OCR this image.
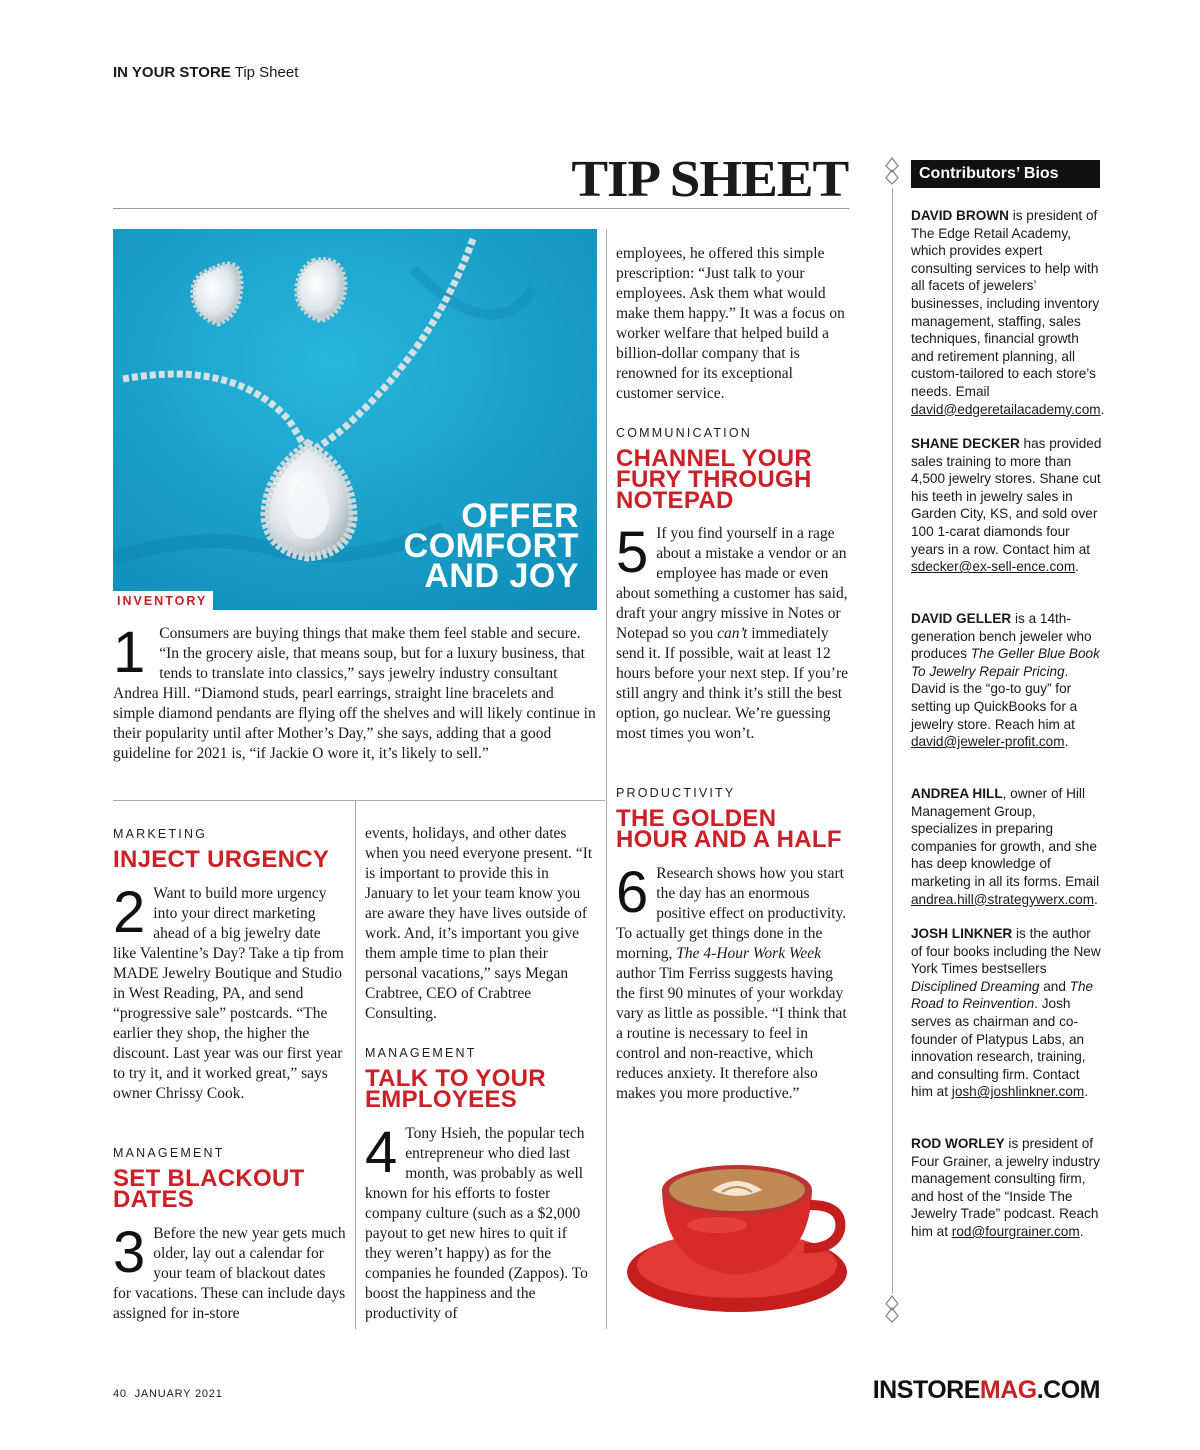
IN YOUR STORE Tip Sheet
TIP SHEET
OFFER
COMFORT
AND JOY
INVENTORY
1 Consumers are buying things that make them feel stable and secure. “In the grocery aisle, that means soup, but for a luxury business, that tends to translate into classics,” says jewelry industry consultant Andrea Hill. “Diamond studs, pearl earrings, straight line bracelets and simple diamond pendants are flying off the shelves and will likely continue in their popularity until after Mother’s Day,” she says, adding that a good guideline for 2021 is, “if Jackie O wore it, it’s likely to sell.”

MARKETING
INJECT URGENCY
2 Want to build more urgency into your direct marketing ahead of a big jewelry date like Valentine’s Day? Take a tip from MADE Jewelry Boutique and Studio in West Reading, PA, and send “progressive sale” postcards. “The earlier they shop, the higher the discount. Last year was our first year to try it, and it worked great,” says owner Chrissy Cook.

MANAGEMENT
SET BLACKOUT DATES
3 Before the new year gets much older, lay out a calendar for your team of blackout dates for vacations. These can include days assigned for in-store

events, holidays, and other dates when you need everyone present. “It is important to provide this in January to let your team know you are aware they have lives outside of work. And, it’s important you give them ample time to plan their personal vacations,” says Megan Crabtree, CEO of Crabtree Consulting.
MANAGEMENT
TALK TO YOUR EMPLOYEES
4 Tony Hsieh, the popular tech entrepreneur who died last month, was probably as well known for his efforts to foster company culture (such as a $2,000 payout to get new hires to quit if they weren’t happy) as for the companies he founded (Zappos). To boost the happiness and the productivity of

employees, he offered this simple prescription: “Just talk to your employees. Ask them what would make them happy.” It was a focus on worker welfare that helped build a billion-dollar company that is renowned for its exceptional customer service.
COMMUNICATION
CHANNEL YOUR FURY THROUGH NOTEPAD
5 If you find yourself in a rage about a mistake a vendor or an employee has made or even about something a customer has said, draft your angry missive in Notes or Notepad so you can’t immediately send it. If possible, wait at least 12 hours before your next step. If you’re still angry and think it’s still the best option, go nuclear. We’re guessing most times you won’t.

PRODUCTIVITY
THE GOLDEN HOUR AND A HALF
6 Research shows how you start the day has an enormous positive effect on productivity. To actually get things done in the morning, The 4-Hour Work Week author Tim Ferriss suggests having the first 90 minutes of your workday vary as little as possible. “I think that a routine is necessary to feel in control and non-reactive, which reduces anxiety. It therefore also makes you more productive.”

Contributors’ Bios

DAVID BROWN is president of The Edge Retail Academy, which provides expert consulting services to help with all facets of jewelers’ businesses, including inventory management, staffing, sales techniques, financial growth and retirement planning, all custom-tailored to each store’s needs. Email david@edgeretailacademy.com.

SHANE DECKER has provided sales training to more than 4,500 jewelry stores. Shane cut his teeth in jewelry sales in Garden City, KS, and sold over 100 1-carat diamonds four years in a row. Contact him at sdecker@ex-sell-ence.com.

DAVID GELLER is a 14th-generation bench jeweler who produces The Geller Blue Book To Jewelry Repair Pricing. David is the “go-to guy” for setting up QuickBooks for a jewelry store. Reach him at david@jeweler-profit.com.

ANDREA HILL, owner of Hill Management Group, specializes in preparing companies for growth, and she has deep knowledge of marketing in all its forms. Email andrea.hill@strategywerx.com.

JOSH LINKNER is the author of four books including the New York Times bestsellers Disciplined Dreaming and The Road to Reinvention. Josh serves as chairman and co-founder of Platypus Labs, an innovation research, training, and consulting firm. Contact him at josh@joshlinkner.com.

ROD WORLEY is president of Four Grainer, a jewelry industry management consulting firm, and host of the “Inside The Jewelry Trade” podcast. Reach him at rod@fourgrainer.com.

40 JANUARY 2021	INSTOREMAG.COM
